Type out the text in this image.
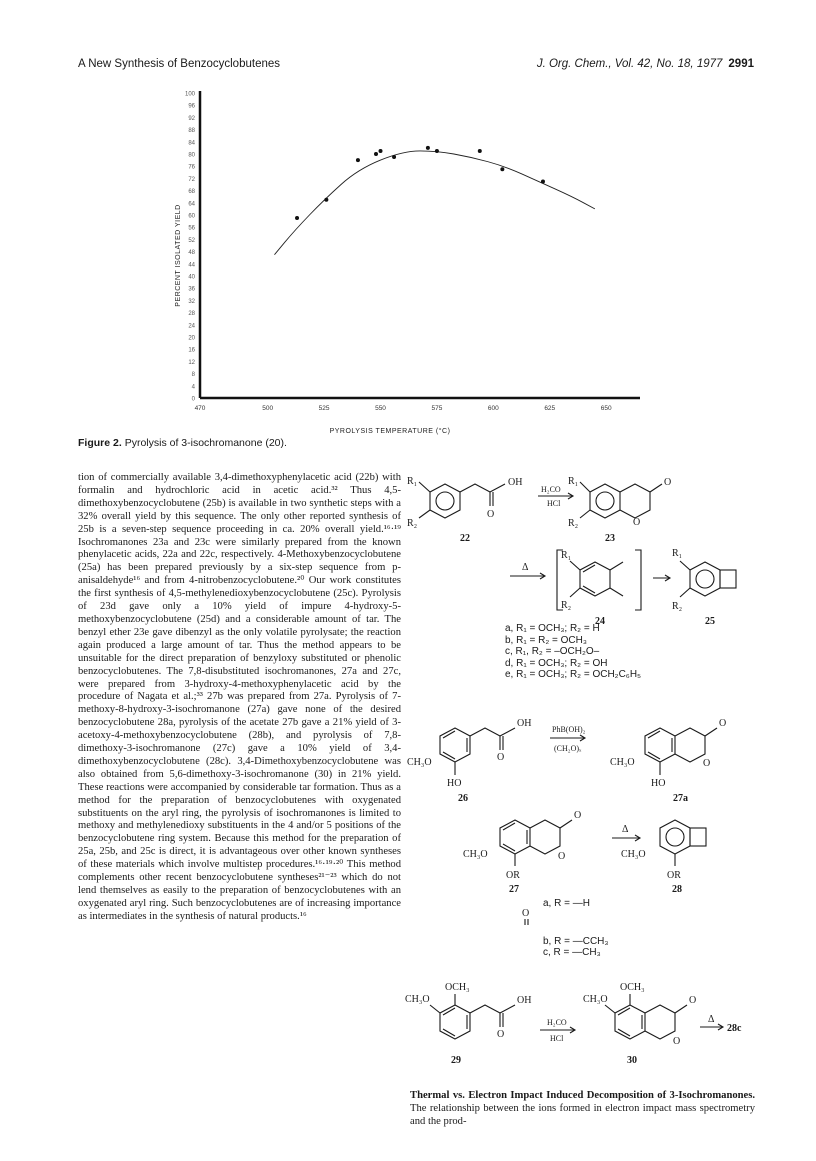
A New Synthesis of Benzocyclobutenes	J. Org. Chem., Vol. 42, No. 18, 1977 2991
0
4
8
12
16
20
24
28
32
36
40
44
48
52
56
60
64
68
72
76
80
84
88
92
96
100
470	500	525	550	575	600	625	650
PYROLYSIS TEMPERATURE (°C)
PERCENT ISOLATED YIELD
Figure 2. Pyrolysis of 3-isochromanone (20).
tion of commercially available 3,4-dimethoxyphenylacetic acid (22b) with formalin and hydrochloric acid in acetic acid.³² Thus 4,5-dimethoxybenzocyclobutene (25b) is available in two synthetic steps with a 32% overall yield by this sequence. The only other reported synthesis of 25b is a seven-step sequence proceeding in ca. 20% overall yield.¹⁶·¹⁹ Isochromanones 23a and 23c were similarly prepared from the known phenylacetic acids, 22a and 22c, respectively. 4-Methoxybenzocyclobutene (25a) has been prepared previously by a six-step sequence from p-anisaldehyde¹⁶ and from 4-nitrobenzocyclobutene.²⁰ Our work constitutes the first synthesis of 4,5-methylenedioxybenzocyclobutene (25c). Pyrolysis of 23d gave only a 10% yield of impure 4-hydroxy-5-methoxybenzocyclobutene (25d) and a considerable amount of tar. The benzyl ether 23e gave dibenzyl as the only volatile pyrolysate; the reaction again produced a large amount of tar. Thus the method appears to be unsuitable for the direct preparation of benzyloxy substituted or phenolic benzocyclobutenes. The 7,8-disubstituted isochromanones, 27a and 27c, were prepared from 3-hydroxy-4-methoxyphenylacetic acid by the procedure of Nagata et al.;³³ 27b was prepared from 27a. Pyrolysis of 7-methoxy-8-hydroxy-3-isochromanone (27a) gave none of the desired benzocyclobutene 28a, pyrolysis of the acetate 27b gave a 21% yield of 3-acetoxy-4-methoxybenzocyclobutene (28b), and pyrolysis of 7,8-dimethoxy-3-isochromanone (27c) gave a 10% yield of 3,4-dimethoxybenzocyclobutene (28c). 3,4-Dimethoxybenzocyclobutene was also obtained from 5,6-dimethoxy-3-isochromanone (30) in 21% yield. These reactions were accompanied by considerable tar formation. Thus as a method for the preparation of benzocyclobutenes with oxygenated substituents on the aryl ring, the pyrolysis of isochromanones is limited to methoxy and methylenedioxy substituents in the 4 and/or 5 positions of the benzocyclobutene ring system. Because this method for the preparation of 25a, 25b, and 25c is direct, it is advantageous over other known syntheses of these materials which involve multistep procedures.¹⁶·¹⁹·²⁰ This method complements other recent benzocyclobutene syntheses²¹⁻²³ which do not lend themselves as easily to the preparation of benzocyclobutenes with an oxygenated aryl ring. Such benzocyclobutenes are of increasing importance as intermediates in the synthesis of natural products.¹⁶
Thermal vs. Electron Impact Induced Decomposition of 3-Isochromanones. The relationship between the ions formed in electron impact mass spectrometry and the prod-
R₁
R₂
OH
O
H₂CO
HCl
R₁
R₂
O
O
22	23
Δ
R₁
R₂
24
R₁
R₂
25
OH
O
CH₃O
HO
26
PhB(OH)₂
(CH₂O)ₓ
O
O
CH₃O
HO
27a
O
O
CH₃O
OR
27
Δ
CH₃O
OR
28
O
OCH₃
CH₃O	OH
O
29
H₂CO
HCl
OCH₃
CH₃O	O
O
30
Δ
28c
a, R₁ = OCH₃; R₂ = H
b, R₁ = R₂ = OCH₃
c, R₁, R₂ = –OCH₂O–
d, R₁ = OCH₃; R₂ = OH
e, R₁ = OCH₃; R₂ = OCH₂C₆H₅
a, R = —H
b, R = —CCH₃
c, R = —CH₃
